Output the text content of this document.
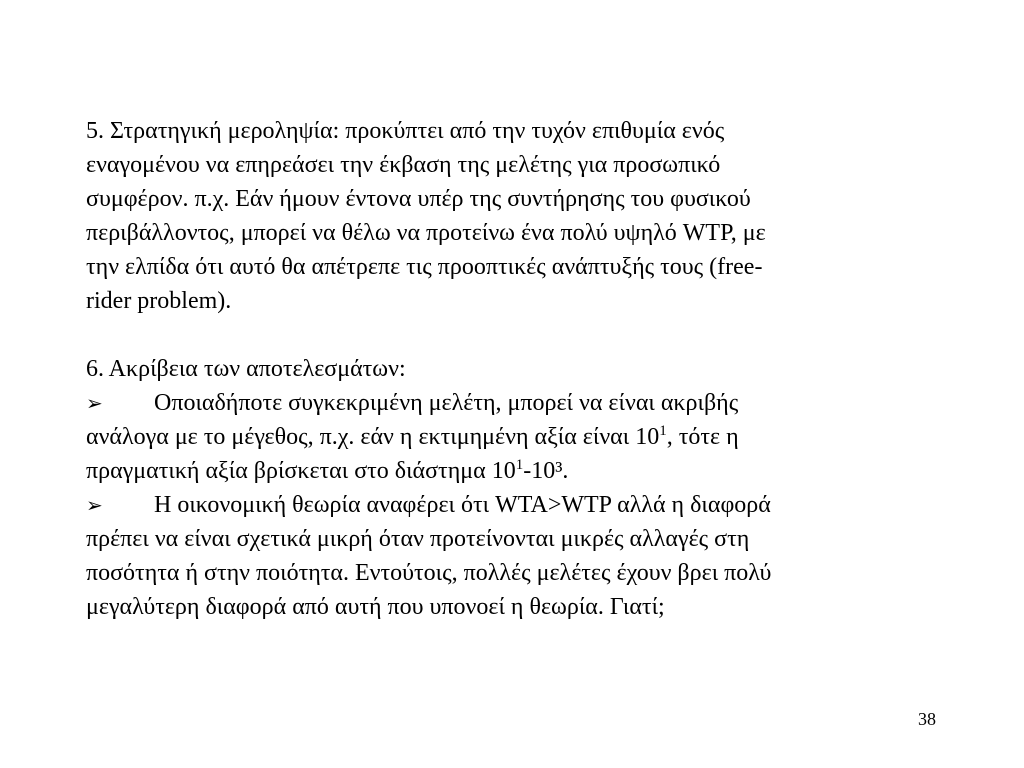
5. Στρατηγική μεροληψία: προκύπτει από την τυχόν επιθυμία ενός
εναγομένου να επηρεάσει την έκβαση της μελέτης για προσωπικό
συμφέρον. π.χ. Εάν ήμουν έντονα υπέρ της συντήρησης του φυσικού
περιβάλλοντος, μπορεί να θέλω να προτείνω ένα πολύ υψηλό WTP, με
την ελπίδα ότι αυτό θα απέτρεπε τις προοπτικές ανάπτυξής τους (free-
rider problem).
6. Ακρίβεια των αποτελεσμάτων:
➢ Οποιαδήποτε συγκεκριμένη μελέτη, μπορεί να είναι ακριβής
ανάλογα με το μέγεθος, π.χ. εάν η εκτιμημένη αξία είναι $10^1$, τότε η
πραγματική αξία βρίσκεται στο διάστημα $10^1-10^3$.
➢ Η οικονομική θεωρία αναφέρει ότι WTA>WTP αλλά η διαφορά
πρέπει να είναι σχετικά μικρή όταν προτείνονται μικρές αλλαγές στη
ποσότητα ή στην ποιότητα. Εντούτοις, πολλές μελέτες έχουν βρει πολύ
μεγαλύτερη διαφορά από αυτή που υπονοεί η θεωρία. Γιατί;
38
